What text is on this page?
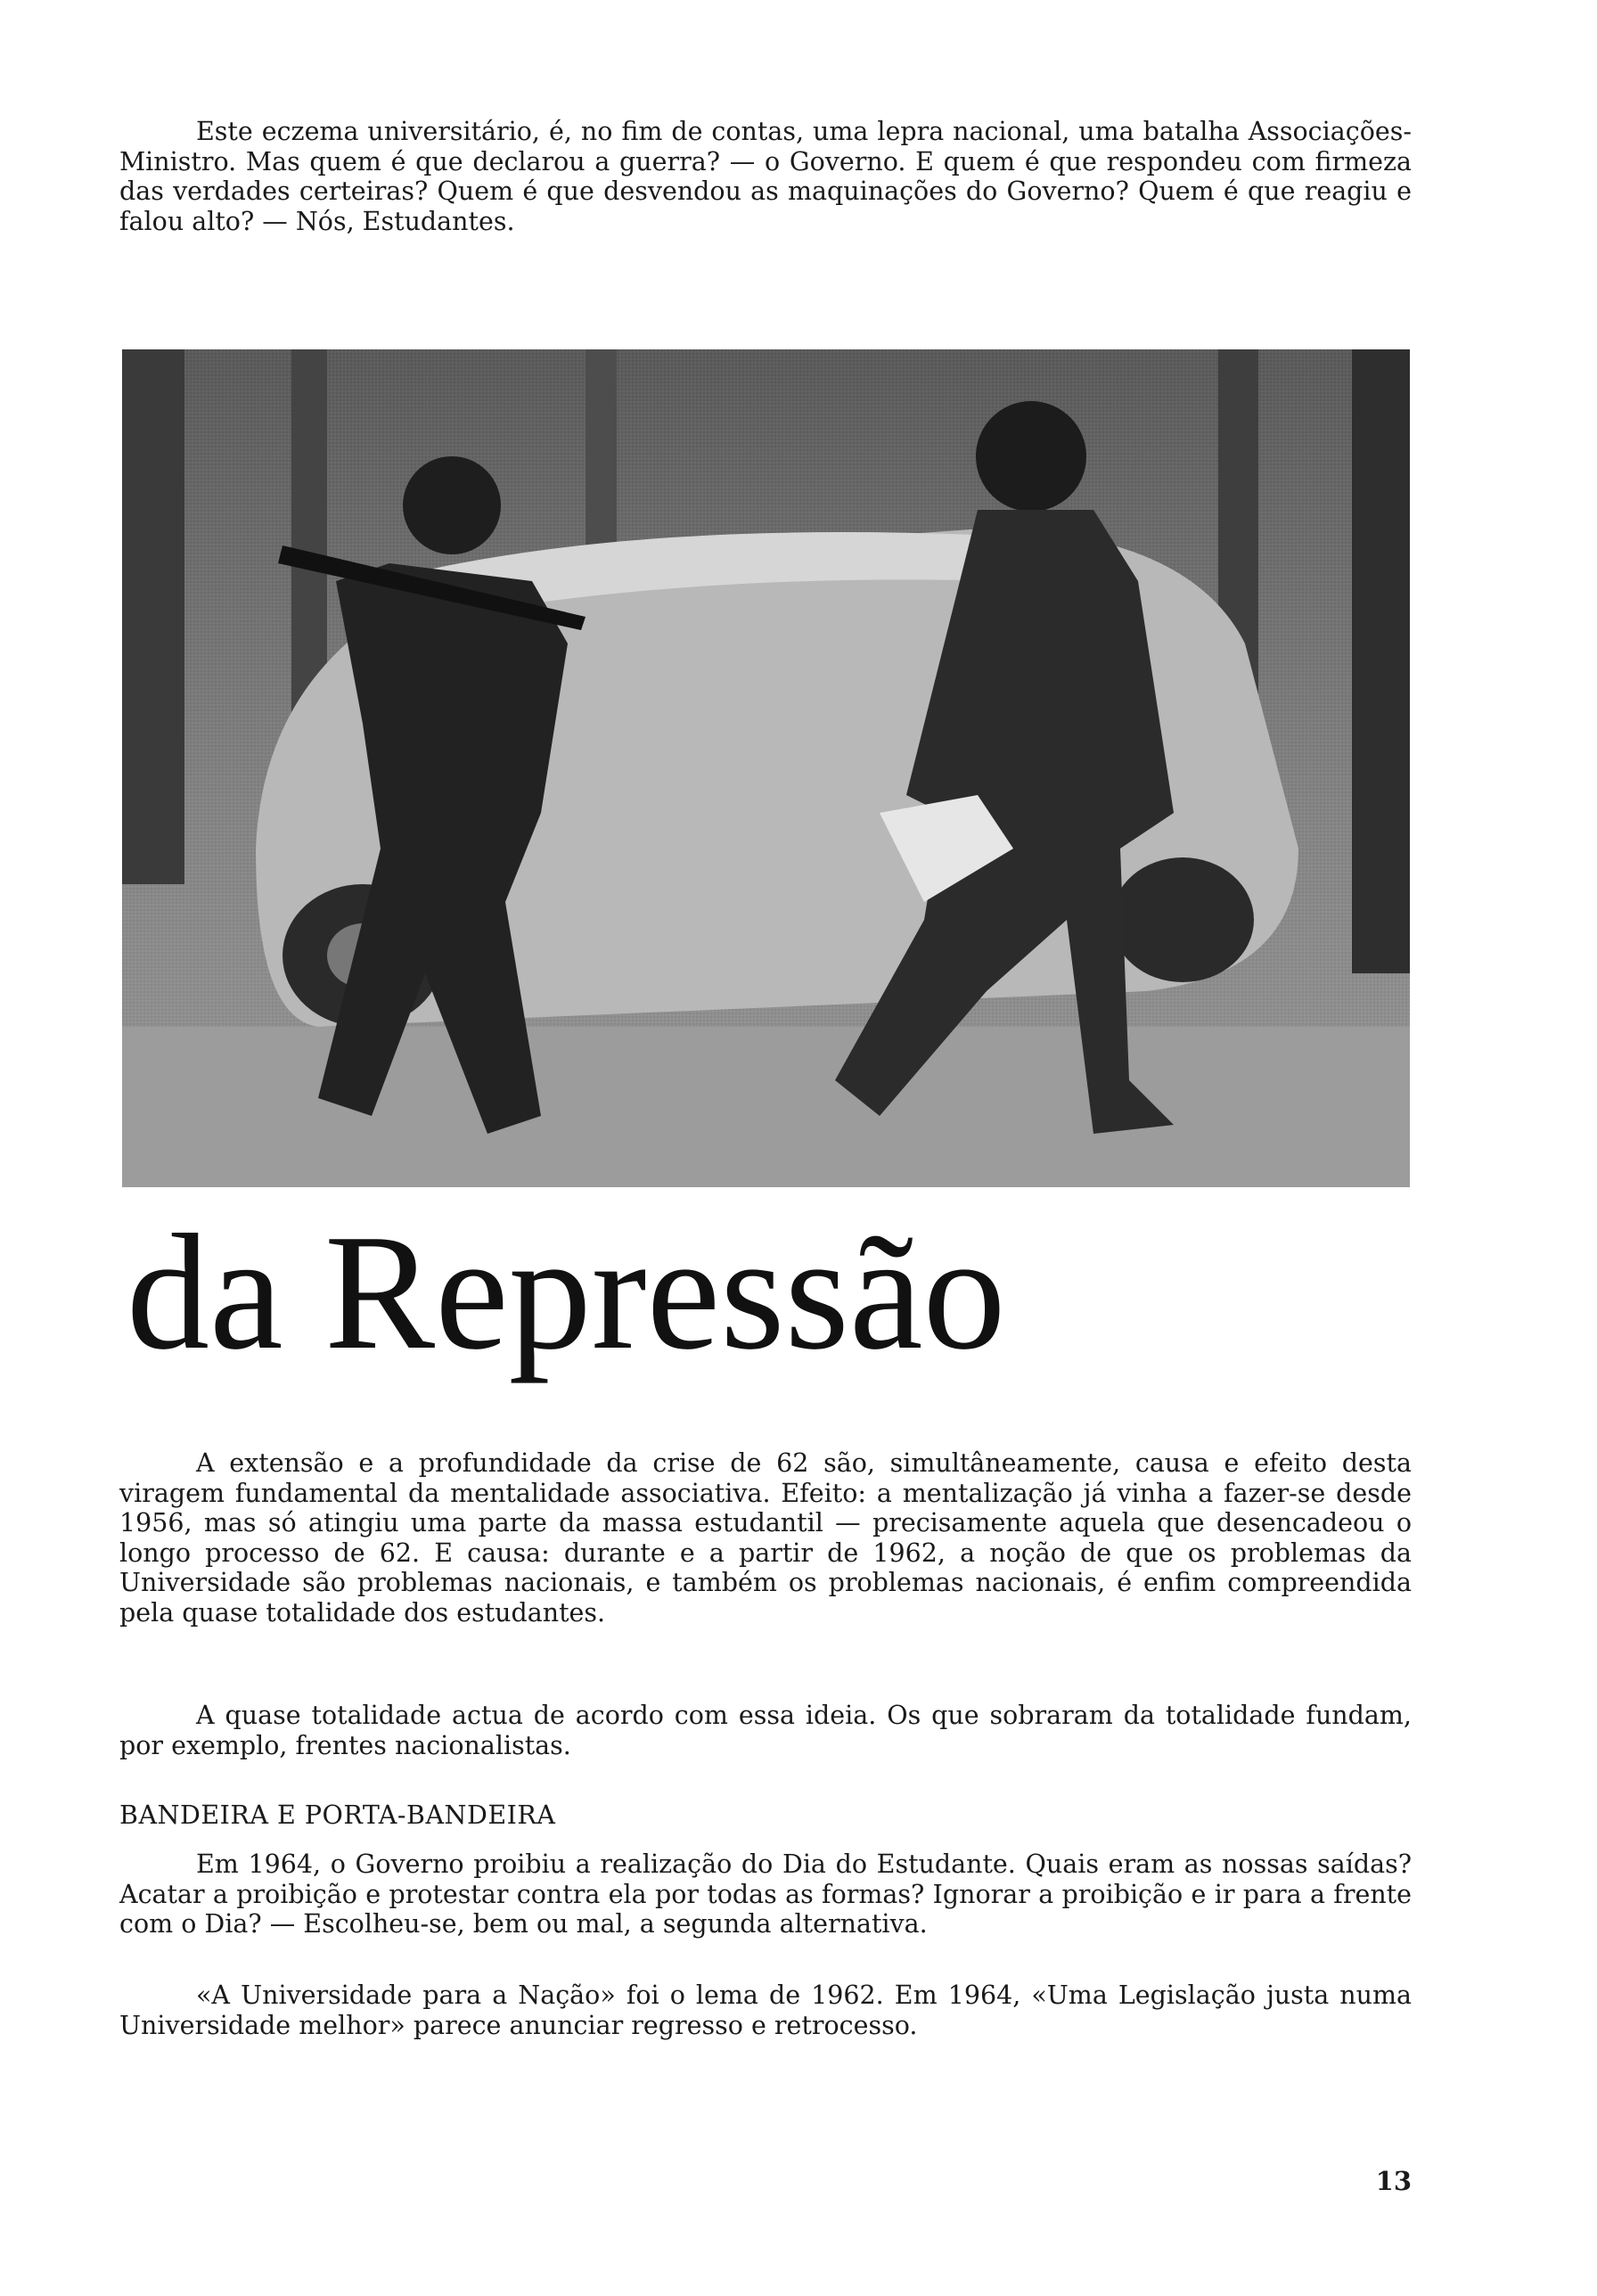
Este eczema universitário, é, no fim de contas, uma lepra nacional, uma batalha Associações-Ministro. Mas quem é que declarou a guerra? — o Governo. E quem é que respondeu com firmeza das verdades certeiras? Quem é que desvendou as maquinações do Governo? Quem é que reagiu e falou alto? — Nós, Estudantes.

da Repressão

A extensão e a profundidade da crise de 62 são, simultâneamente, causa e efeito desta viragem fundamental da mentalidade associativa. Efeito: a mentalização já vinha a fazer-se desde 1956, mas só atingiu uma parte da massa estudantil — precisamente aquela que desencadeou o longo processo de 62. E causa: durante e a partir de 1962, a noção de que os problemas da Universidade são problemas nacionais, e também os problemas nacionais, é enfim compreendida pela quase totalidade dos estudantes.

A quase totalidade actua de acordo com essa ideia. Os que sobraram da totalidade fundam, por exemplo, frentes nacionalistas.

BANDEIRA E PORTA-BANDEIRA

Em 1964, o Governo proibiu a realização do Dia do Estudante. Quais eram as nossas saídas? Acatar a proibição e protestar contra ela por todas as formas? Ignorar a proibição e ir para a frente com o Dia? — Escolheu-se, bem ou mal, a segunda alternativa.

«A Universidade para a Nação» foi o lema de 1962. Em 1964, «Uma Legislação justa numa Universidade melhor» parece anunciar regresso e retrocesso.

13
